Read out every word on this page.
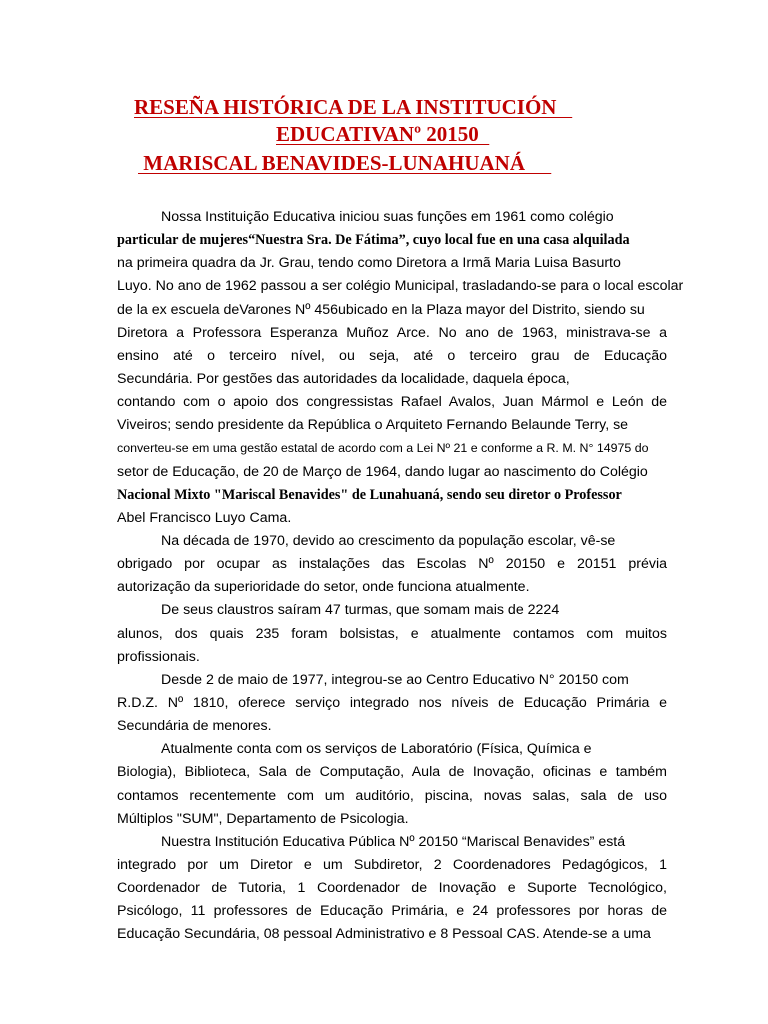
RESEÑA HISTÓRICA DE LA INSTITUCIÓN
EDUCATIVANº 20150
MARISCAL BENAVIDES-LUNAHUANÁ
Nossa Instituição Educativa iniciou suas funções em 1961 como colégio
particular de mujeres“Nuestra Sra. De Fátima”, cuyo local fue en una casa alquilada
na primeira quadra da Jr. Grau, tendo como Diretora a Irmã Maria Luisa Basurto
Luyo. No ano de 1962 passou a ser colégio Municipal, trasladando-se para o local escolar
de la ex escuela deVarones Nº 456ubicado en la Plaza mayor del Distrito, siendo su
Diretora a Professora Esperanza Muñoz Arce. No ano de 1963, ministrava-se a
ensino até o terceiro nível, ou seja, até o terceiro grau de Educação
Secundária. Por gestões das autoridades da localidade, daquela época,
contando com o apoio dos congressistas Rafael Avalos, Juan Mármol e León de
Viveiros; sendo presidente da República o Arquiteto Fernando Belaunde Terry, se
converteu-se em uma gestão estatal de acordo com a Lei Nº 21 e conforme a R. M. N° 14975 do
setor de Educação, de 20 de Março de 1964, dando lugar ao nascimento do Colégio
Nacional Mixto "Mariscal Benavides" de Lunahuaná, sendo seu diretor o Professor
Abel Francisco Luyo Cama.
Na década de 1970, devido ao crescimento da população escolar, vê-se
obrigado por ocupar as instalações das Escolas Nº 20150 e 20151 prévia
autorização da superioridade do setor, onde funciona atualmente.
De seus claustros saíram 47 turmas, que somam mais de 2224
alunos, dos quais 235 foram bolsistas, e atualmente contamos com muitos
profissionais.
Desde 2 de maio de 1977, integrou-se ao Centro Educativo N° 20150 com
R.D.Z. Nº 1810, oferece serviço integrado nos níveis de Educação Primária e
Secundária de menores.
Atualmente conta com os serviços de Laboratório (Física, Química e
Biologia), Biblioteca, Sala de Computação, Aula de Inovação, oficinas e também
contamos recentemente com um auditório, piscina, novas salas, sala de uso
Múltiplos "SUM", Departamento de Psicologia.
Nuestra Institución Educativa Pública Nº 20150 “Mariscal Benavides” está
integrado por um Diretor e um Subdiretor, 2 Coordenadores Pedagógicos, 1
Coordenador de Tutoria, 1 Coordenador de Inovação e Suporte Tecnológico,
Psicólogo, 11 professores de Educação Primária, e 24 professores por horas de
Educação Secundária, 08 pessoal Administrativo e 8 Pessoal CAS. Atende-se a uma
